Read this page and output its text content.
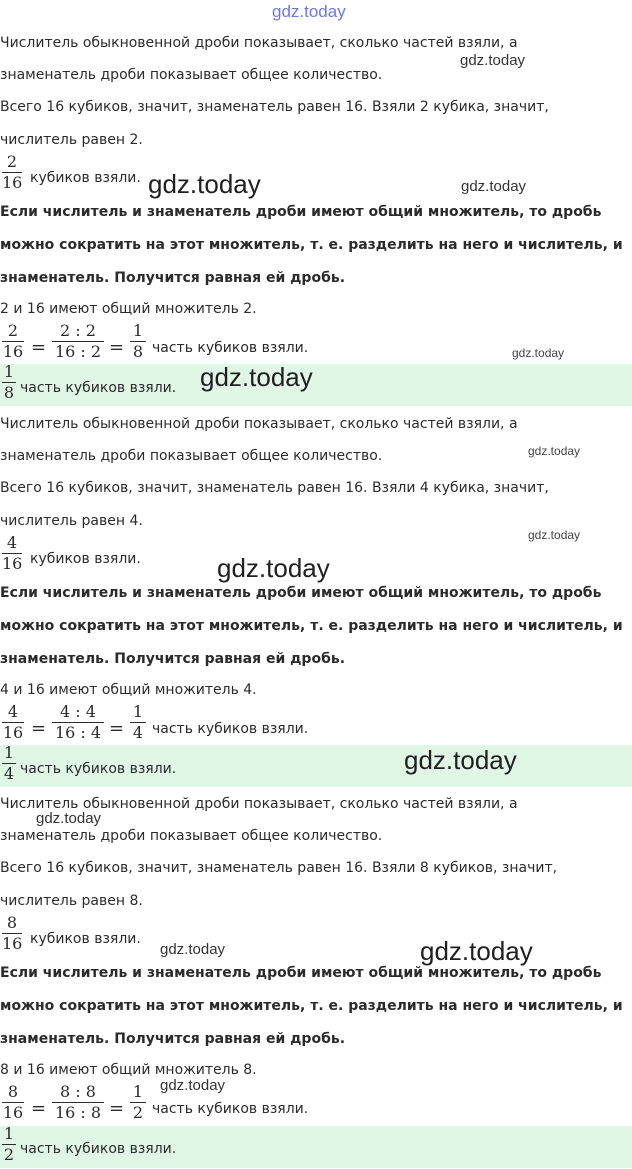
gdz.today
Числитель обыкновенной дроби показывает, сколько частей взяли, а
знаменатель дроби показывает общее количество.
Всего 16 кубиков, значит, знаменатель равен 16. Взяли 2 кубика, значит,
числитель равен 2.
2
16 кубиков взяли.
Если числитель и знаменатель дроби имеют общий множитель, то дробь
можно сократить на этот множитель, т. е. разделить на него и числитель, и
знаменатель. Получится равная ей дробь.
2 и 16 имеют общий множитель 2.
2
16 =
2 : 2
16 : 2 =
1
8 часть кубиков взяли.
1
8 часть кубиков взяли.
Числитель обыкновенной дроби показывает, сколько частей взяли, а
знаменатель дроби показывает общее количество.
Всего 16 кубиков, значит, знаменатель равен 16. Взяли 4 кубика, значит,
числитель равен 4.
4
16 кубиков взяли.
Если числитель и знаменатель дроби имеют общий множитель, то дробь
можно сократить на этот множитель, т. е. разделить на него и числитель, и
знаменатель. Получится равная ей дробь.
4 и 16 имеют общий множитель 4.
4
16 =
4 : 4
16 : 4 =
1
4 часть кубиков взяли.
1
4 часть кубиков взяли.
Числитель обыкновенной дроби показывает, сколько частей взяли, а
знаменатель дроби показывает общее количество.
Всего 16 кубиков, значит, знаменатель равен 16. Взяли 8 кубиков, значит,
числитель равен 8.
8
16 кубиков взяли.
Если числитель и знаменатель дроби имеют общий множитель, то дробь
можно сократить на этот множитель, т. е. разделить на него и числитель, и
знаменатель. Получится равная ей дробь.
8 и 16 имеют общий множитель 8.
8
16 =
8 : 8
16 : 8 =
1
2 часть кубиков взяли.
1
2 часть кубиков взяли.
gdz.today
gdz.today	gdz.today
gdz.today
gdz.today
gdz.today
gdz.today
gdz.today
gdz.today
gdz.today
gdz.today	gdz.today
gdz.today
